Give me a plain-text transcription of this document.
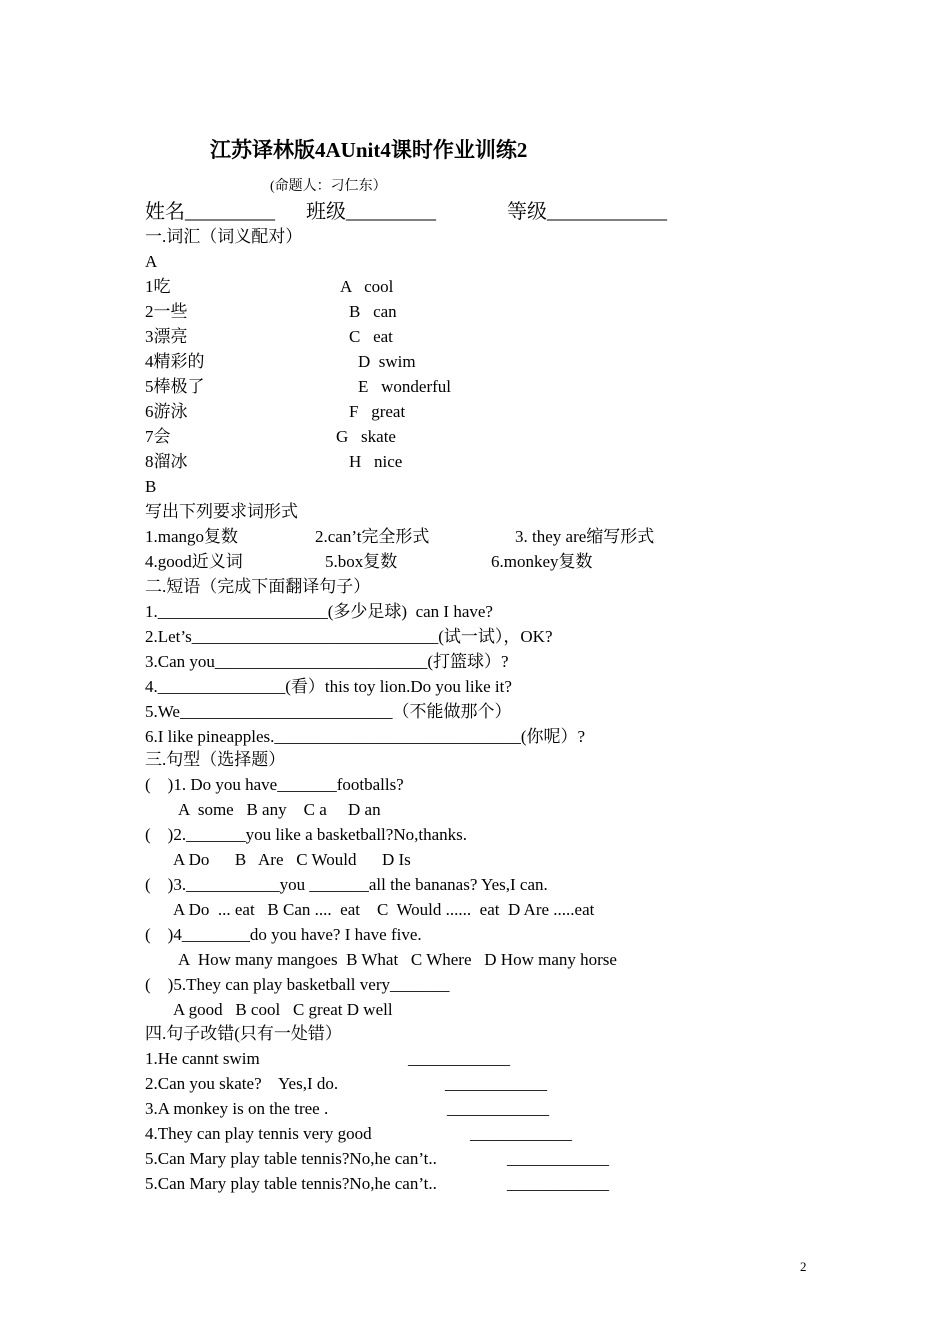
江苏译林版4AUnit4课时作业训练2
(命题人：刁仁东）
姓名_________ 班级_________	等级____________
一.词汇（词义配对）
A
1吃	A   cool
2一些	B   can
3漂亮	C   eat
4精彩的	D  swim
5棒极了	E   wonderful
6游泳	F   great
7会	G   skate
8溜冰	H   nice
B
写出下列要求词形式
1.mango复数	2.can’t完全形式	3. they are缩写形式
4.good近义词	5.box复数	6.monkey复数
二.短语（完成下面翻译句子）
1.____________________(多少足球)  can I have?
2.Let’s_____________________________(试一试），OK?
3.Can you_________________________(打篮球）?
4._______________(看）this toy lion.Do you like it?
5.We_________________________（不能做那个）
6.I like pineapples._____________________________(你呢）?
三.句型（选择题）
(    )1. Do you have_______footballs?
A  some   B any    C a     D an
(    )2._______you like a basketball?No,thanks.
A Do      B   Are   C Would      D Is
(    )3.___________you _______all the bananas? Yes,I can.
A Do  ... eat   B Can ....  eat    C  Would ......  eat  D Are .....eat
(    )4________do you have? I have five.
A  How many mangoes  B What   C Where   D How many horse
(    )5.They can play basketball very_______
A good   B cool   C great D well
四.句子改错(只有一处错）
1.He cannt swim	____________
2.Can you skate?    Yes,I do.	____________
3.A monkey is on the tree .	____________
4.They can play tennis very good	____________
5.Can Mary play table tennis?No,he can’t..	____________
5.Can Mary play table tennis?No,he can’t..	____________
2
